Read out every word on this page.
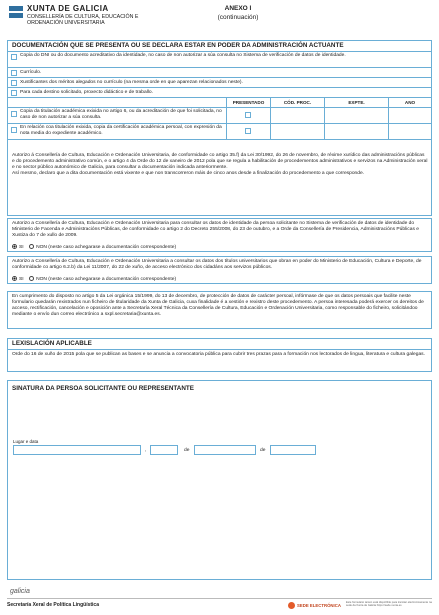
XUNTA DE GALICIA
CONSELLERÍA DE CULTURA, EDUCACIÓN E ORDENACIÓN UNIVERSITARIA
ANEXO I
(continuación)
DOCUMENTACIÓN QUE SE PRESENTA OU SE DECLARA ESTAR EN PODER DA ADMINISTRACIÓN ACTUANTE
Copia do DNI ou do documento acreditativo da identidade, no caso de non autorizar a súa consulta no Sistema de verificación de datos de identidade.
Currículo.
Xustificantes dos méritos alegados no currículo (na mesma orde en que aparezan relacionados neste).
Para cada destino solicitado, proxecto didáctico e de traballo.
PRESENTADO	CÓD. PROC.	EXPTE.	ANO
Copia da titulación académica exixida no artigo 6, ou da acreditación de que foi solicitada, no caso de non autorizar a súa consulta.
En relación coa titulación exixida, copia da certificación académica persoal, con expresión da nota media do expediente académico.
Autorizo á Consellería de Cultura, Educación e Ordenación Universitaria, de conformidade co artigo 35.f) da Lei 30/1992, do 26 de novembro, de réxime xurídico das administracións públicas e do procedemento administrativo común, e o artigo 4 da Orde do 12 de xaneiro de 2012 pola que se regula a habilitación de procedementos administrativos e servizos na Administración xeral e no sector público autonómico de Galicia, para consultar a documentación indicada anteriormente.
Así mesmo, declaro que a dita documentación está vixente e que non transcorreron máis de cinco anos desde a finalización do procedemento a que corresponde.
Autorizo a Consellería de Cultura, Educación e Ordenación Universitaria para consultar os datos de identidade da persoa solicitante no Sistema de verificación de datos de identidade do Ministerio de Facenda e Administracións Públicas, de conformidade co artigo 2 do Decreto 255/2008, do 23 de outubro, e a Orde da Consellería de Presidencia, Administracións Públicas e Xustiza do 7 de xullo de 2009.
SI	NON (neste caso achegarase a documentación correspondente)
Autorizo a Consellería de Cultura, Educación e Ordenación Universitaria a consultar os datos dos títulos universitarios que obran en poder do Ministerio de Educación, Cultura e Deporte, de conformidade co artigo 6.2.b) da Lei 11/2007, do 22 de xuño, de acceso electrónico dos cidadáns aos servizos públicos.
SI	NON (neste caso achegarase a documentación correspondente)
En cumprimento do disposto no artigo 5 da Lei orgánica 15/1999, do 13 de decembro, de protección de datos de carácter persoal, infórmase de que os datos persoais que facilite neste formulario quedarán rexistrados nun ficheiro de titularidade da Xunta de Galicia, cuxa finalidade é a xestión e rexistro deste procedemento. A persoa interesada poderá exercer os dereitos de acceso, rectificación, cancelación e oposición ante a Secretaría Xeral Técnica da Consellería de Cultura, Educación e Ordenación Universitaria, como responsable do ficheiro, solicitándoo mediante o envío dun correo electrónico a sxpl.secretaria@xunta.es.
LEXISLACIÓN APLICABLE
Orde do 16 de xuño de 2015 pola que se publican as bases e se anuncia a convocatoria pública para cubrir tres prazas para a formación nos lectorados de lingua, literatura e cultura galegas.
SINATURA DA PERSOA SOLICITANTE OU REPRESENTANTE
Lugar e data
,	de	de
galicia
Secretaría Xeral de Política Lingüística	SEDE ELECTRÓNICA
Este formulario tamén está dispoñible para tramitar electronicamente na sede da Xunta de Galicia https://sede.xunta.es
